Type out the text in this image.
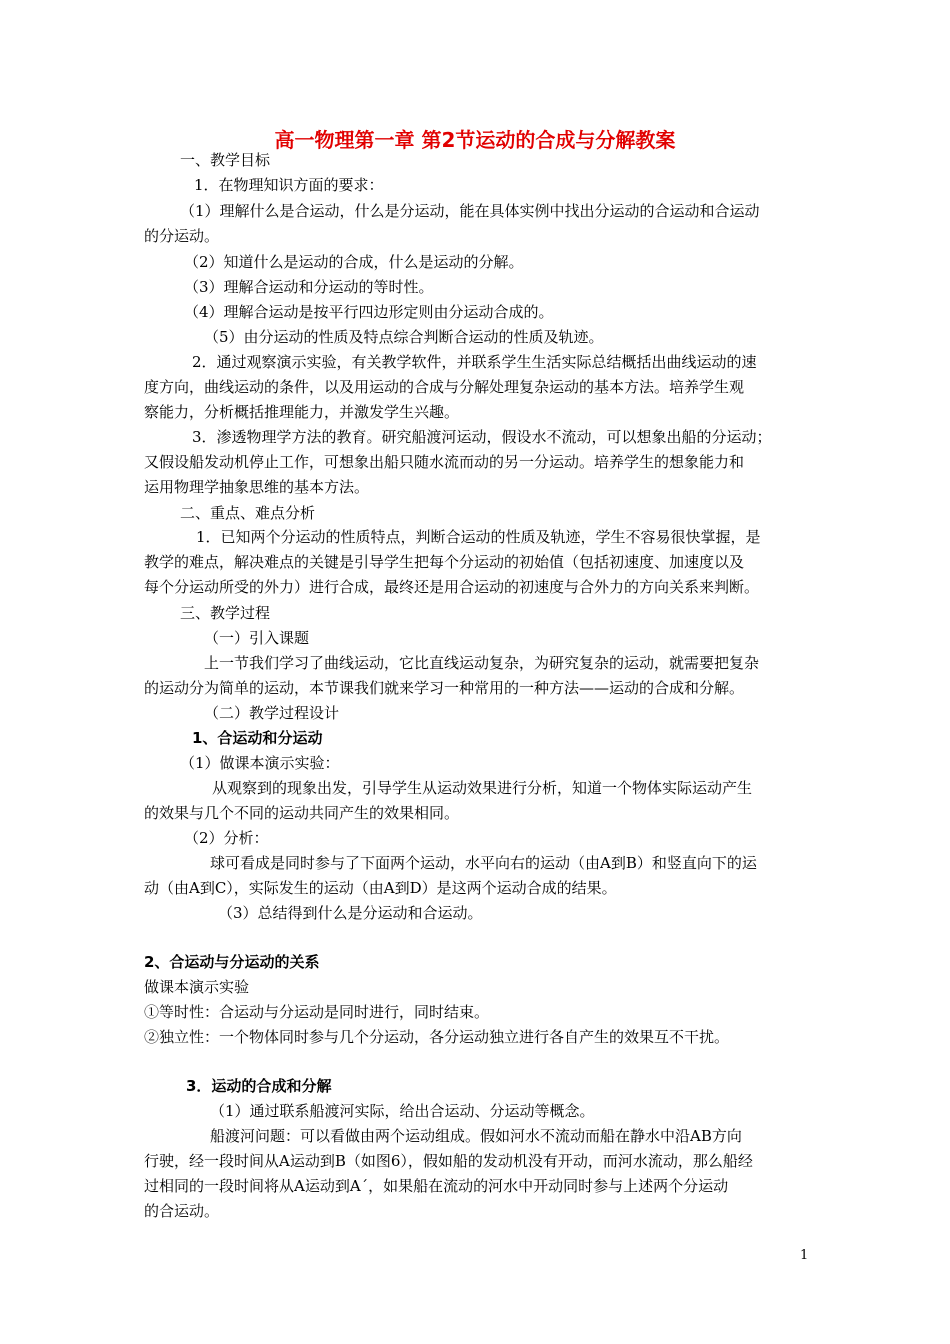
高一物理第一章 第2节运动的合成与分解教案
一、教学目标
1．在物理知识方面的要求：
（1）理解什么是合运动，什么是分运动，能在具体实例中找出分运动的合运动和合运动
的分运动。
（2）知道什么是运动的合成，什么是运动的分解。
（3）理解合运动和分运动的等时性。
（4）理解合运动是按平行四边形定则由分运动合成的。
（5）由分运动的性质及特点综合判断合运动的性质及轨迹。
2．通过观察演示实验，有关教学软件，并联系学生生活实际总结概括出曲线运动的速
度方向，曲线运动的条件，以及用运动的合成与分解处理复杂运动的基本方法。培养学生观
察能力，分析概括推理能力，并激发学生兴趣。
3．渗透物理学方法的教育。研究船渡河运动，假设水不流动，可以想象出船的分运动；
又假设船发动机停止工作，可想象出船只随水流而动的另一分运动。培养学生的想象能力和
运用物理学抽象思维的基本方法。
二、重点、难点分析
1．已知两个分运动的性质特点，判断合运动的性质及轨迹，学生不容易很快掌握，是
教学的难点，解决难点的关键是引导学生把每个分运动的初始值（包括初速度、加速度以及
每个分运动所受的外力）进行合成，最终还是用合运动的初速度与合外力的方向关系来判断。
三、教学过程
（一）引入课题
上一节我们学习了曲线运动，它比直线运动复杂，为研究复杂的运动，就需要把复杂
的运动分为简单的运动，本节课我们就来学习一种常用的一种方法——运动的合成和分解。
（二）教学过程设计
1、合运动和分运动
（1）做课本演示实验：
从观察到的现象出发，引导学生从运动效果进行分析，知道一个物体实际运动产生
的效果与几个不同的运动共同产生的效果相同。
（2）分析：
球可看成是同时参与了下面两个运动，水平向右的运动（由A到B）和竖直向下的运
动（由A到C），实际发生的运动（由A到D）是这两个运动合成的结果。
（3）总结得到什么是分运动和合运动。
2、合运动与分运动的关系
做课本演示实验
①等时性：合运动与分运动是同时进行，同时结束。
②独立性：一个物体同时参与几个分运动，各分运动独立进行各自产生的效果互不干扰。
3．运动的合成和分解
（1）通过联系船渡河实际，给出合运动、分运动等概念。
船渡河问题：可以看做由两个运动组成。假如河水不流动而船在静水中沿AB方向
行驶，经一段时间从A运动到B（如图6），假如船的发动机没有开动，而河水流动，那么船经
过相同的一段时间将从A运动到A´，如果船在流动的河水中开动同时参与上述两个分运动
的合运动。
1
